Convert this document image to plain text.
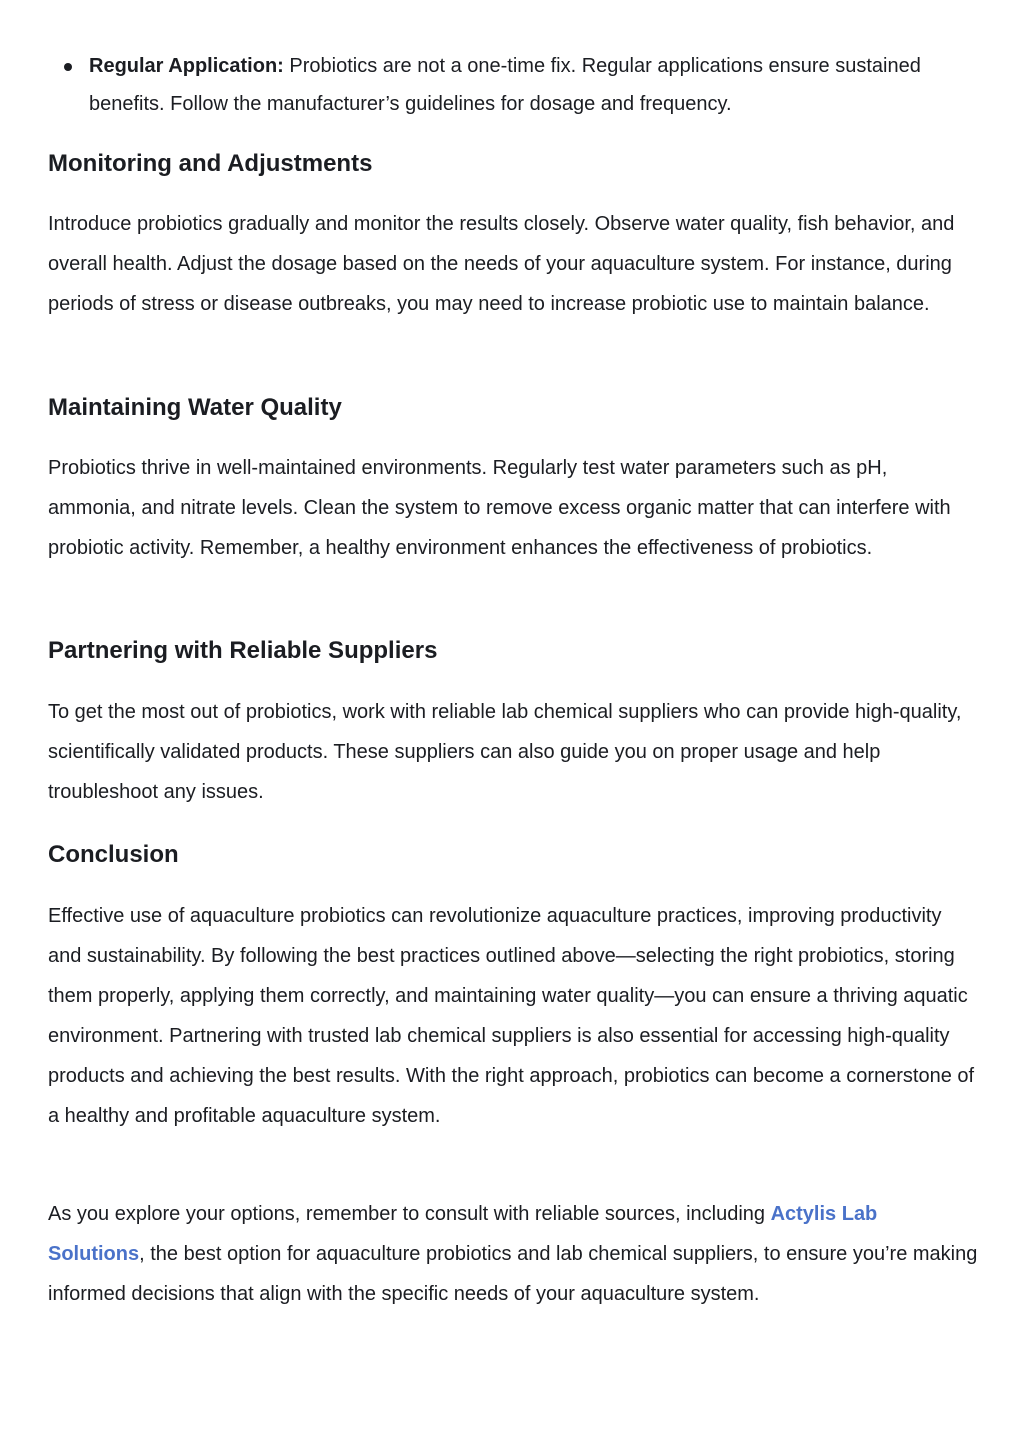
Regular Application: Probiotics are not a one-time fix. Regular applications ensure sustained benefits. Follow the manufacturer’s guidelines for dosage and frequency.
Monitoring and Adjustments

Introduce probiotics gradually and monitor the results closely. Observe water quality, fish behavior, and overall health. Adjust the dosage based on the needs of your aquaculture system. For instance, during periods of stress or disease outbreaks, you may need to increase probiotic use to maintain balance.

Maintaining Water Quality

Probiotics thrive in well-maintained environments. Regularly test water parameters such as pH, ammonia, and nitrate levels. Clean the system to remove excess organic matter that can interfere with probiotic activity. Remember, a healthy environment enhances the effectiveness of probiotics.

Partnering with Reliable Suppliers

To get the most out of probiotics, work with reliable lab chemical suppliers who can provide high-quality, scientifically validated products. These suppliers can also guide you on proper usage and help troubleshoot any issues.

Conclusion

Effective use of aquaculture probiotics can revolutionize aquaculture practices, improving productivity and sustainability. By following the best practices outlined above—selecting the right probiotics, storing them properly, applying them correctly, and maintaining water quality—you can ensure a thriving aquatic environment. Partnering with trusted lab chemical suppliers is also essential for accessing high-quality products and achieving the best results. With the right approach, probiotics can become a cornerstone of a healthy and profitable aquaculture system.

As you explore your options, remember to consult with reliable sources, including Actylis Lab Solutions, the best option for aquaculture probiotics and lab chemical suppliers, to ensure you’re making informed decisions that align with the specific needs of your aquaculture system.
